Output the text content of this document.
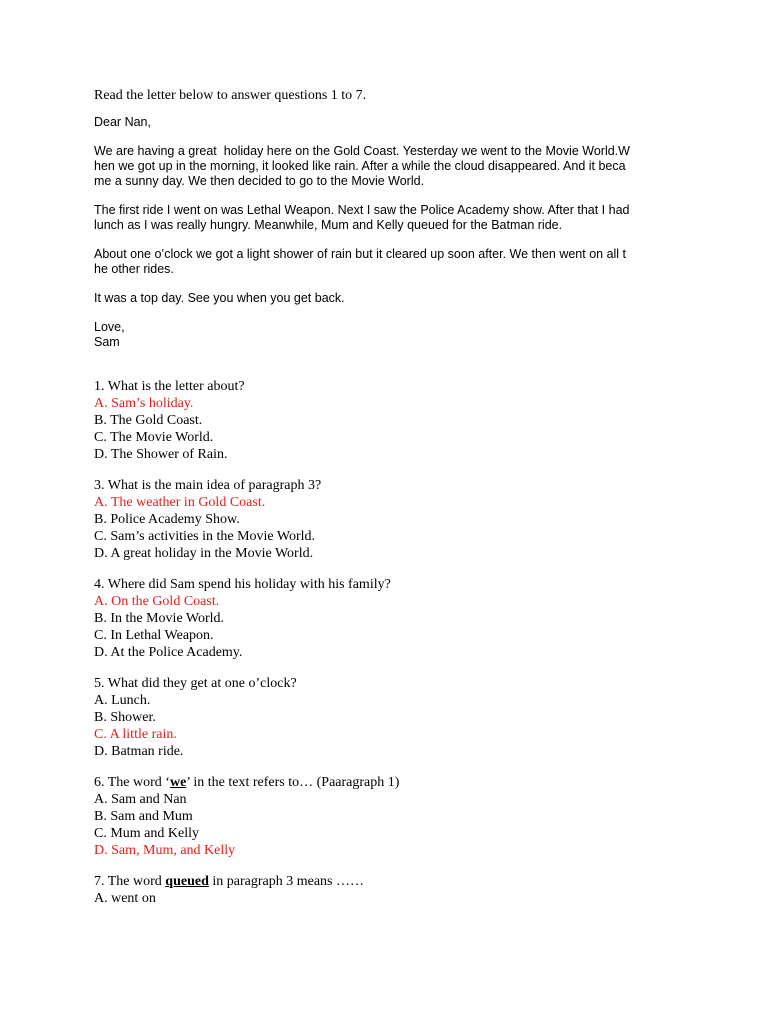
Read the letter below to answer questions 1 to 7.
Dear Nan,
We are having a great  holiday here on the Gold Coast. Yesterday we went to the Movie World.W
hen we got up in the morning, it looked like rain. After a while the cloud disappeared. And it beca
me a sunny day. We then decided to go to the Movie World.
The first ride I went on was Lethal Weapon. Next I saw the Police Academy show. After that I had
lunch as I was really hungry. Meanwhile, Mum and Kelly queued for the Batman ride.
About one o’clock we got a light shower of rain but it cleared up soon after. We then went on all t
he other rides.
It was a top day. See you when you get back.
Love,
Sam
1. What is the letter about?
A. Sam’s holiday.
B. The Gold Coast.
C. The Movie World.
D. The Shower of Rain.
3. What is the main idea of paragraph 3?
A. The weather in Gold Coast.
B. Police Academy Show.
C. Sam’s activities in the Movie World.
D. A great holiday in the Movie World.
4. Where did Sam spend his holiday with his family?
A. On the Gold Coast.
B. In the Movie World.
C. In Lethal Weapon.
D. At the Police Academy.
5. What did they get at one o’clock?
A. Lunch.
B. Shower.
C. A little rain.
D. Batman ride.
6. The word ‘we’ in the text refers to… (Paaragraph 1)
A. Sam and Nan
B. Sam and Mum
C. Mum and Kelly
D. Sam, Mum, and Kelly
7. The word queued in paragraph 3 means ……
A. went on
